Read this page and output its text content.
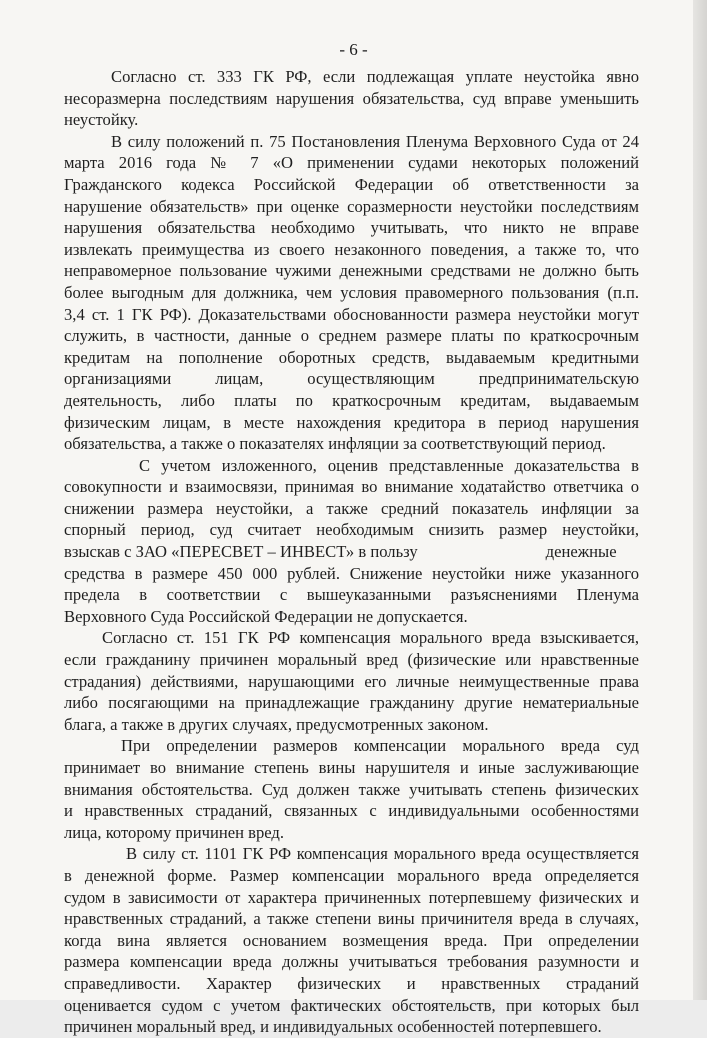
- 6 -
Согласно ст. 333 ГК РФ, если подлежащая уплате неустойка явно
несоразмерна последствиям нарушения обязательства, суд вправе уменьшить
неустойку.
В силу положений п. 75 Постановления Пленума Верховного Суда от 24
марта 2016 года № 7 «О применении судами некоторых положений
Гражданского кодекса Российской Федерации об ответственности за
нарушение обязательств» при оценке соразмерности неустойки последствиям
нарушения обязательства необходимо учитывать, что никто не вправе
извлекать преимущества из своего незаконного поведения, а также то, что
неправомерное пользование чужими денежными средствами не должно быть
более выгодным для должника, чем условия правомерного пользования (п.п.
3,4 ст. 1 ГК РФ). Доказательствами обоснованности размера неустойки могут
служить, в частности, данные о среднем размере платы по краткосрочным
кредитам на пополнение оборотных средств, выдаваемым кредитными
организациями лицам, осуществляющим предпринимательскую
деятельность, либо платы по краткосрочным кредитам, выдаваемым
физическим лицам, в месте нахождения кредитора в период нарушения
обязательства, а также о показателях инфляции за соответствующий период.
С учетом изложенного, оценив представленные доказательства в
совокупности и взаимосвязи, принимая во внимание ходатайство ответчика о
снижении размера неустойки, а также средний показатель инфляции за
спорный период, суд считает необходимым снизить размер неустойки,
взыскав с ЗАО «ПЕРЕСВЕТ – ИНВЕСТ» в пользу	денежные
средства в размере 450 000 рублей. Снижение неустойки ниже указанного
предела в соответствии с вышеуказанными разъяснениями Пленума
Верховного Суда Российской Федерации не допускается.
Согласно ст. 151 ГК РФ компенсация морального вреда взыскивается,
если гражданину причинен моральный вред (физические или нравственные
страдания) действиями, нарушающими его личные неимущественные права
либо посягающими на принадлежащие гражданину другие нематериальные
блага, а также в других случаях, предусмотренных законом.
При определении размеров компенсации морального вреда суд
принимает во внимание степень вины нарушителя и иные заслуживающие
внимания обстоятельства. Суд должен также учитывать степень физических
и нравственных страданий, связанных с индивидуальными особенностями
лица, которому причинен вред.
В силу ст. 1101 ГК РФ компенсация морального вреда осуществляется
в денежной форме. Размер компенсации морального вреда определяется
судом в зависимости от характера причиненных потерпевшему физических и
нравственных страданий, а также степени вины причинителя вреда в случаях,
когда вина является основанием возмещения вреда. При определении
размера компенсации вреда должны учитываться требования разумности и
справедливости. Характер физических и нравственных страданий
оценивается судом с учетом фактических обстоятельств, при которых был
причинен моральный вред, и индивидуальных особенностей потерпевшего.
